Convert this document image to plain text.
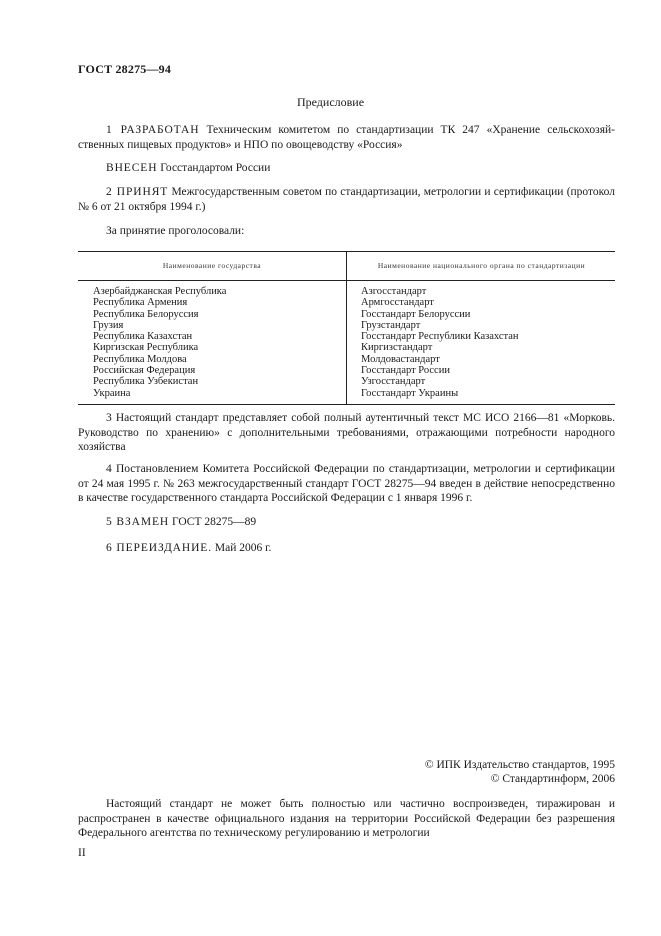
ГОСТ 28275—94
Предисловие

1 РАЗРАБОТАН Техническим комитетом по стандартизации ТК 247 «Хранение сельскохозяйственных пищевых продуктов» и НПО по овощеводству «Россия»

ВНЕСЕН Госстандартом России

2 ПРИНЯТ Межгосударственным советом по стандартизации, метрологии и сертификации (протокол № 6 от 21 октября 1994 г.)

За принятие проголосовали:

Наименование государства	Наименование национального органа по стандартизации
Азербайджанская Республика
Республика Армения
Республика Белоруссия
Грузия
Республика Казахстан
Киргизская Республика
Республика Молдова
Российская Федерация
Республика Узбекистан
Украина
Азгосстандарт
Армгосстандарт
Госстандарт Белоруссии
Грузстандарт
Госстандарт Республики Казахстан
Киргизстандарт
Молдовастандарт
Госстандарт России
Узгосстандарт
Госстандарт Украины

3 Настоящий стандарт представляет собой полный аутентичный текст МС ИСО 2166—81 «Морковь. Руководство по хранению» с дополнительными требованиями, отражающими потребности народного хозяйства

4 Постановлением Комитета Российской Федерации по стандартизации, метрологии и сертификации от 24 мая 1995 г. № 263 межгосударственный стандарт ГОСТ 28275—94 введен в действие непосредственно в качестве государственного стандарта Российской Федерации с 1 января 1996 г.

5 ВЗАМЕН ГОСТ 28275—89

6 ПЕРЕИЗДАНИЕ. Май 2006 г.

© ИПК Издательство стандартов, 1995
© Стандартинформ, 2006

Настоящий стандарт не может быть полностью или частично воспроизведен, тиражирован и распространен в качестве официального издания на территории Российской Федерации без разрешения Федерального агентства по техническому регулированию и метрологии

II
